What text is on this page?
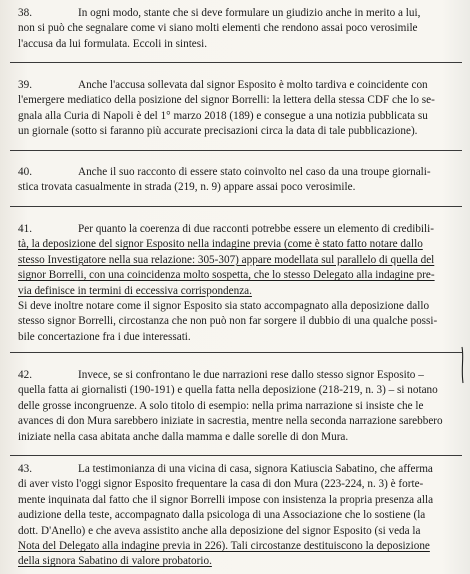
38.	In ogni modo, stante che si deve formulare un giudizio anche in merito a lui,
non si può che segnalare come vi siano molti elementi che rendono assai poco verosimile
l'accusa da lui formulata. Eccoli in sintesi.
39.	Anche l'accusa sollevata dal signor Esposito è molto tardiva e coincidente con
l'emergere mediatico della posizione del signor Borrelli: la lettera della stessa CDF che lo se-
gnala alla Curia di Napoli è del 1° marzo 2018 (189) e consegue a una notizia pubblicata su
un giornale (sotto si faranno più accurate precisazioni circa la data di tale pubblicazione).
40.	Anche il suo racconto di essere stato coinvolto nel caso da una troupe giornali-
stica trovata casualmente in strada (219, n. 9) appare assai poco verosimile.
41.	Per quanto la coerenza di due racconti potrebbe essere un elemento di credibili-
tà, la deposizione del signor Esposito nella indagine previa (come è stato fatto notare dallo
stesso Investigatore nella sua relazione: 305-307) appare modellata sul parallelo di quella del
signor Borrelli, con una coincidenza molto sospetta, che lo stesso Delegato alla indagine pre-
via definisce in termini di eccessiva corrispondenza.
Si deve inoltre notare come il signor Esposito sia stato accompagnato alla deposizione dallo
stesso signor Borrelli, circostanza che non può non far sorgere il dubbio di una qualche possi-
bile concertazione fra i due interessati.
42.	Invece, se si confrontano le due narrazioni rese dallo stesso signor Esposito –
quella fatta ai giornalisti (190-191) e quella fatta nella deposizione (218-219, n. 3) – si notano
delle grosse incongruenze. A solo titolo di esempio: nella prima narrazione si insiste che le
avances di don Mura sarebbero iniziate in sacrestia, mentre nella seconda narrazione sarebbero
iniziate nella casa abitata anche dalla mamma e dalle sorelle di don Mura.
43.	La testimonianza di una vicina di casa, signora Katiuscia Sabatino, che afferma
di aver visto l'oggi signor Esposito frequentare la casa di don Mura (223-224, n. 3) è forte-
mente inquinata dal fatto che il signor Borrelli impose con insistenza la propria presenza alla
audizione della teste, accompagnato dalla psicologa di una Associazione che lo sostiene (la
dott. D'Anello) e che aveva assistito anche alla deposizione del signor Esposito (si veda la
Nota del Delegato alla indagine previa in 226). Tali circostanze destituiscono la deposizione
della signora Sabatino di valore probatorio.
